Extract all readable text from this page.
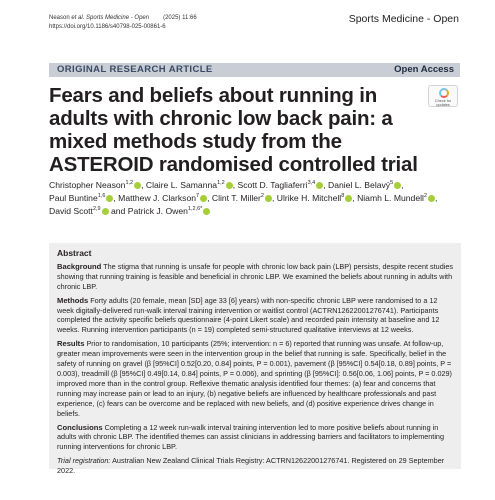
Neason et al. Sports Medicine - Open (2025) 11:66
https://doi.org/10.1186/s40798-025-00861-6
Sports Medicine - Open
ORIGINAL RESEARCH ARTICLE	Open Access
Check for updates
Fears and beliefs about running in adults with chronic low back pain: a mixed methods study from the ASTEROID randomised controlled trial
Christopher Neason$^{1,2}$ , Claire L. Samanna$^{1,2}$ , Scott D. Tagliaferri$^{3,4}$ , Daniel L. Belavý$^5$ , Paul Buntine$^{1,6}$ , Matthew J. Clarkson$^7$ , Clint T. Miller$^2$ , Ulrike H. Mitchell$^8$ , Niamh L. Mundell$^2$ , David Scott$^{2,9}$ and Patrick J. Owen$^{1,2,6*}$
Abstract

Background The stigma that running is unsafe for people with chronic low back pain (LBP) persists, despite recent studies showing that running training is feasible and beneficial in chronic LBP. We examined the beliefs about running in adults with chronic LBP.

Methods Forty adults (20 female, mean [SD] age 33 [6] years) with non-specific chronic LBP were randomised to a 12 week digitally-delivered run-walk interval training intervention or waitlist control (ACTRN12622001276741). Participants completed the activity specific beliefs questionnaire (4-point Likert scale) and recorded pain intensity at baseline and 12 weeks. Running intervention participants (n = 19) completed semi-structured qualitative interviews at 12 weeks.

Results Prior to randomisation, 10 participants (25%; intervention: n = 6) reported that running was unsafe. At follow-up, greater mean improvements were seen in the intervention group in the belief that running is safe. Specifically, belief in the safety of running on gravel (β [95%CI] 0.52[0.20, 0.84] points, P = 0.001), pavement (β [95%CI] 0.54[0.18, 0.89] points, P = 0.003), treadmill (β [95%CI] 0.49[0.14, 0.84] points, P = 0.006), and sprinting (β [95%CI]: 0.56[0.06, 1.06] points, P = 0.029) improved more than in the control group. Reflexive thematic analysis identified four themes: (a) fear and concerns that running may increase pain or lead to an injury, (b) negative beliefs are influenced by healthcare professionals and past experience, (c) fears can be overcome and be replaced with new beliefs, and (d) positive experience drives change in beliefs.

Conclusions Completing a 12 week run-walk interval training intervention led to more positive beliefs about running in adults with chronic LBP. The identified themes can assist clinicians in addressing barriers and facilitators to implementing running interventions for chronic LBP.

Trial registration: Australian New Zealand Clinical Trials Registry: ACTRN12622001276741. Registered on 29 September 2022.
